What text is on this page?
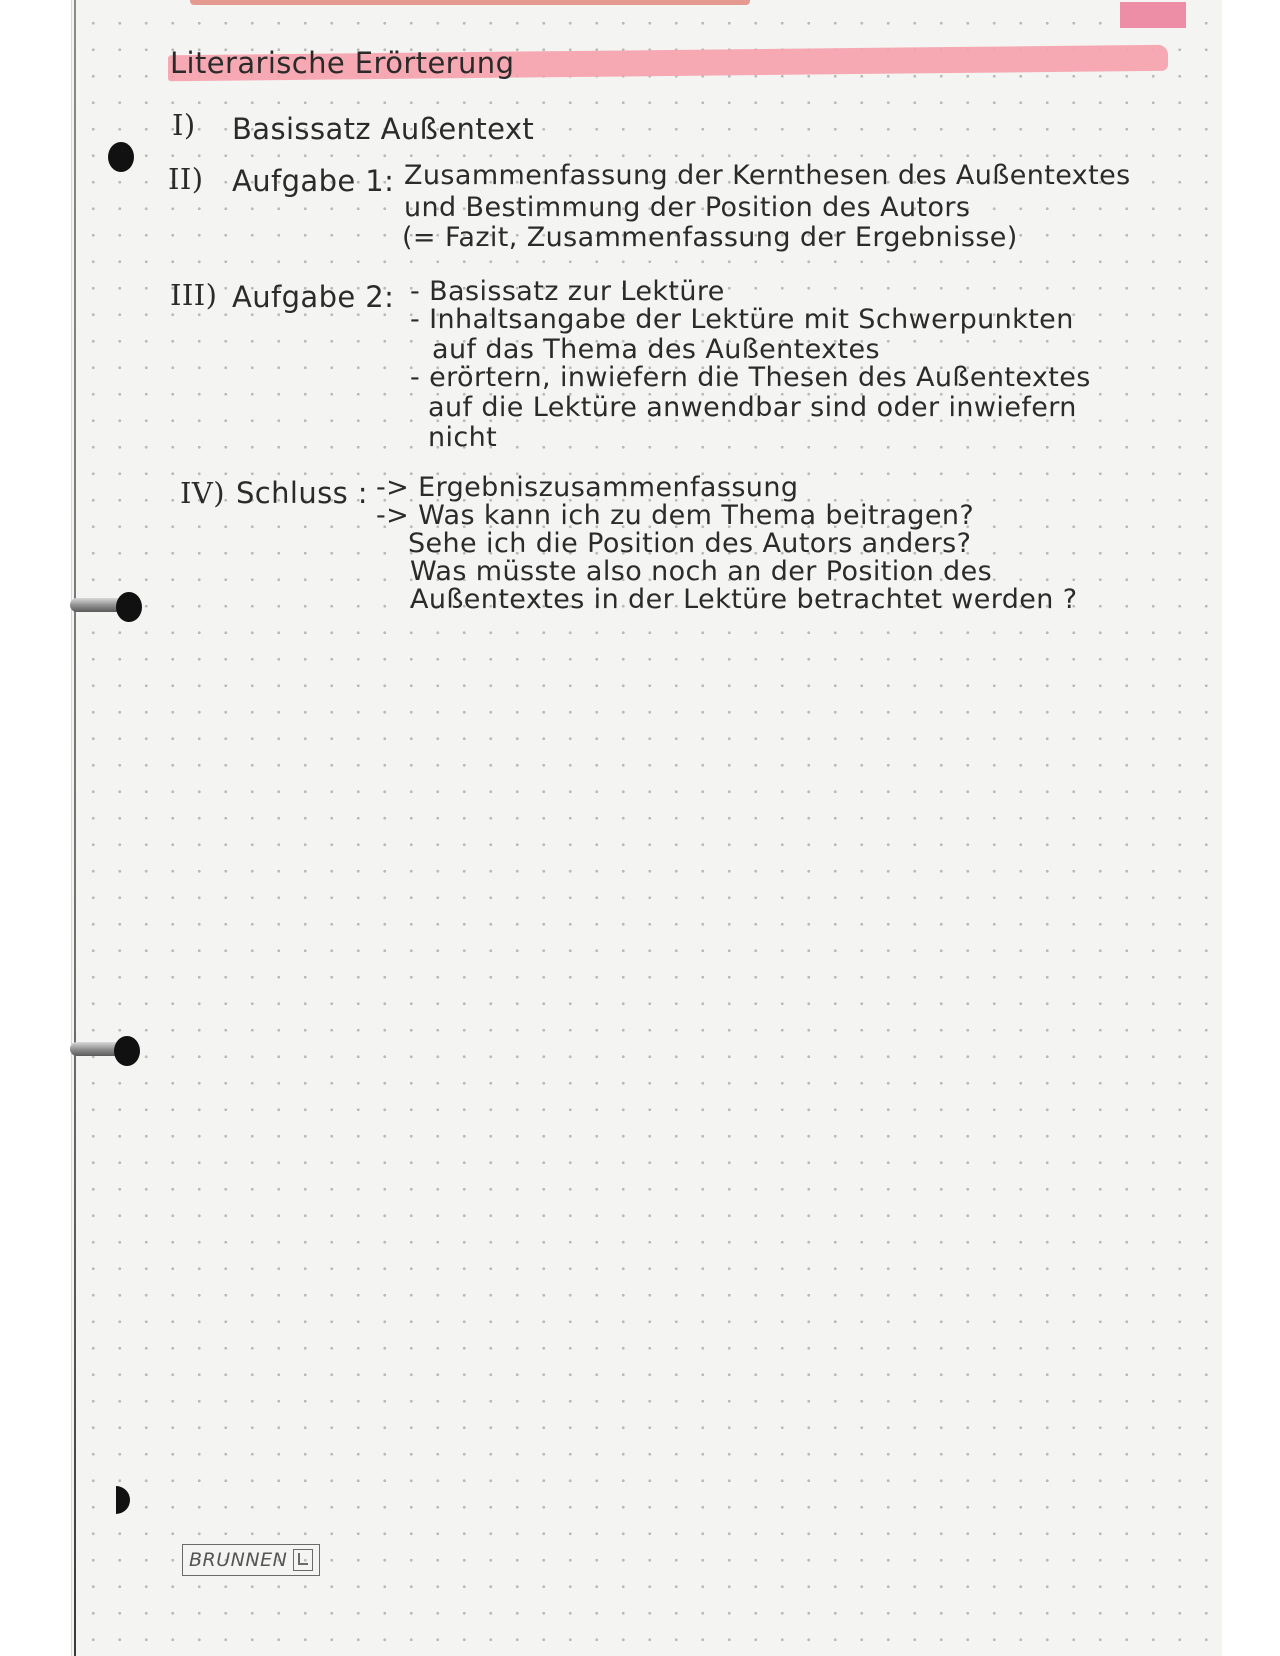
Literarische Erörterung
I) Basissatz Außentext
II) Aufgabe 1: Zusammenfassung der Kernthesen des Außentextes
und Bestimmung der Position des Autors
(= Fazit, Zusammenfassung der Ergebnisse)
III) Aufgabe 2: - Basissatz zur Lektüre
- Inhaltsangabe der Lektüre mit Schwerpunkten
auf das Thema des Außentextes
- erörtern, inwiefern die Thesen des Außentextes
auf die Lektüre anwendbar sind oder inwiefern
nicht
IV) Schluss : -> Ergebniszusammenfassung
-> Was kann ich zu dem Thema beitragen?
Sehe ich die Position des Autors anders?
Was müsste also noch an der Position des
Außentextes in der Lektüre betrachtet werden ?
BRUNNEN
